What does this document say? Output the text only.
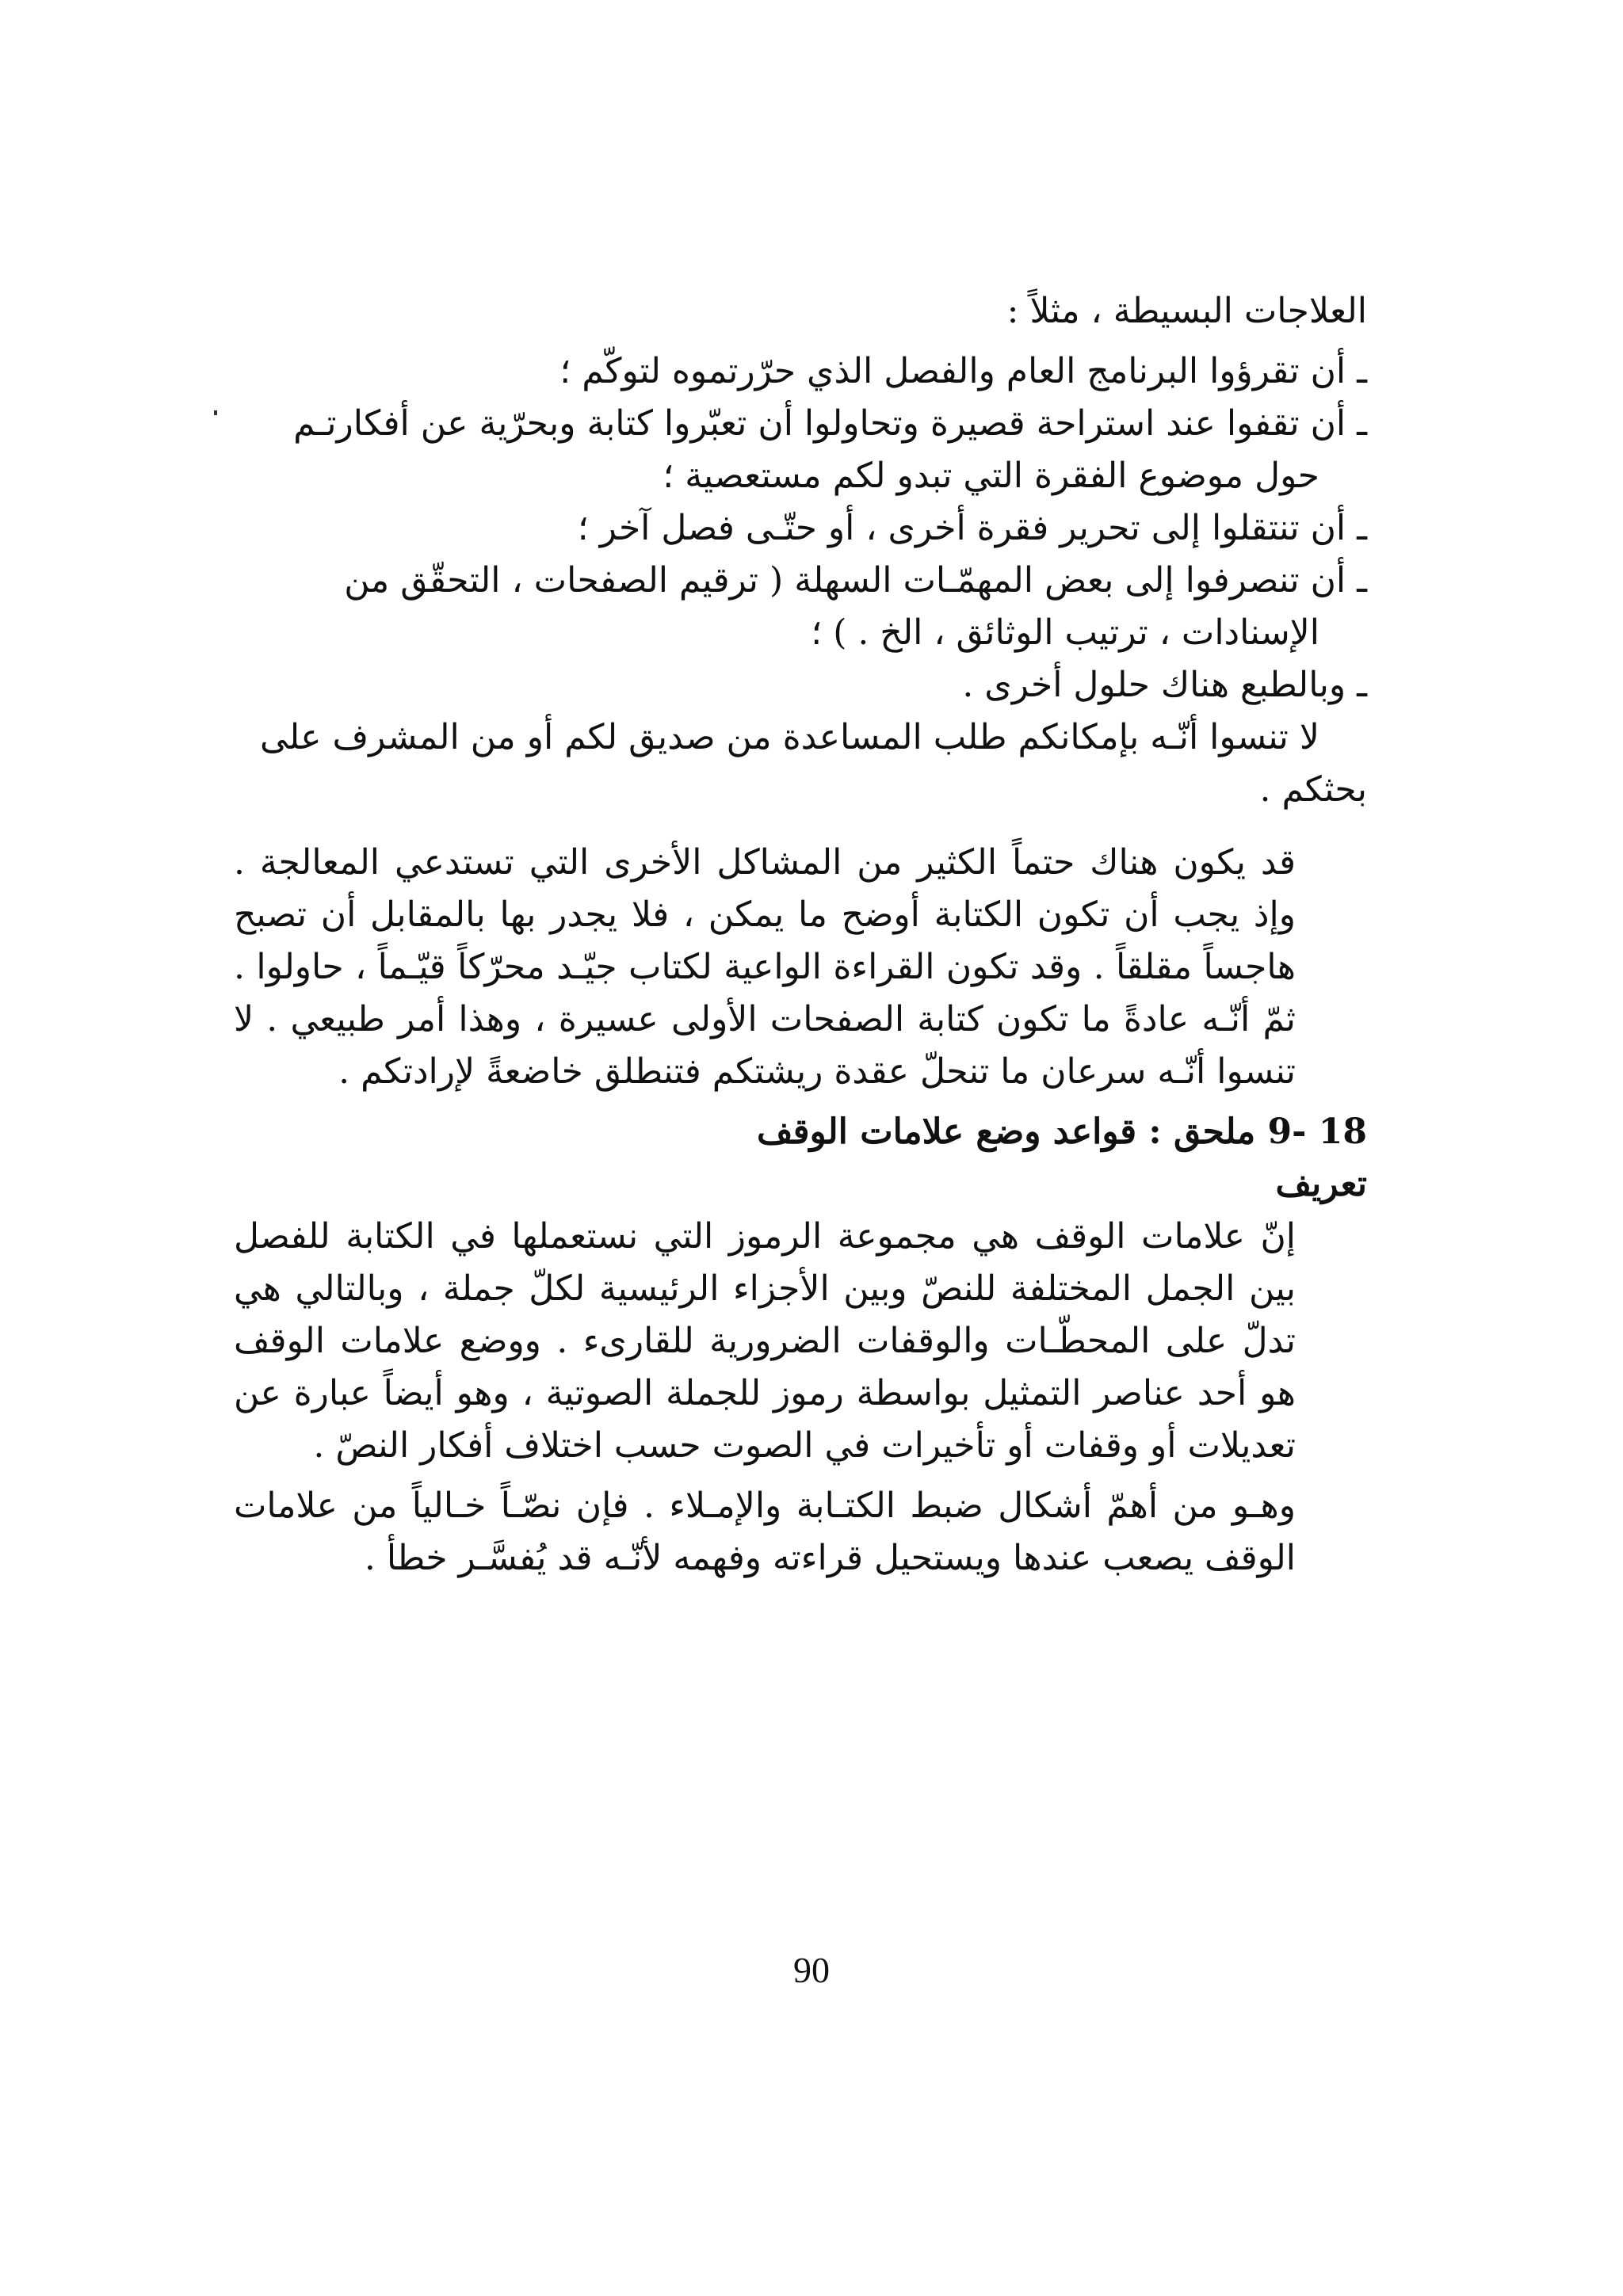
العلاجات البسيطة ، مثلاً :

ـ أن تقرؤوا البرنامج العام والفصل الذي حرّرتموه لتوكّم ؛

ـ أن تقفوا عند استراحة قصيرة وتحاولوا أن تعبّروا كتابة وبحرّية عن أفكارتـم

حول موضوع الفقرة التي تبدو لكم مستعصية ؛

ـ أن تنتقلوا إلى تحرير فقرة أخرى ، أو حتّـى فصل آخر ؛

ـ أن تنصرفوا إلى بعض المهمّـات السهلة ( ترقيم الصفحات ، التحقّق من

الإسنادات ، ترتيب الوثائق ، الخ . ) ؛

ـ وبالطبع هناك حلول أخرى .

لا تنسوا أنّـه بإمكانكم طلب المساعدة من صديق لكم أو من المشرف على

بحثكم .

قد يكون هناك حتماً الكثير من المشاكل الأخرى التي تستدعي المعالجة . وإذ يجب أن تكون الكتابة أوضح ما يمكن ، فلا يجدر بها بالمقابل أن تصبح هاجساً مقلقاً . وقد تكون القراءة الواعية لكتاب جيّـد محرّكاً قيّـماً ، حاولوا . ثمّ أنّـه عادةً ما تكون كتابة الصفحات الأولى عسيرة ، وهذا أمر طبيعي . لا تنسوا أنّـه سرعان ما تنحلّ عقدة ريشتكم فتنطلق خاضعةً لإرادتكم .

18 -9 ملحق : قواعد وضع علامات الوقف

تعريف

إنّ علامات الوقف هي مجموعة الرموز التي نستعملها في الكتابة للفصل بين الجمل المختلفة للنصّ وبين الأجزاء الرئيسية لكلّ جملة ، وبالتالي هي تدلّ على المحطّـات والوقفات الضرورية للقارىء . ووضع علامات الوقف هو أحد عناصر التمثيل بواسطة رموز للجملة الصوتية ، وهو أيضاً عبارة عن تعديلات أو وقفات أو تأخيرات في الصوت حسب اختلاف أفكار النصّ .

وهـو من أهمّ أشكال ضبط الكتـابة والإمـلاء . فإن نصّـاً خـالياً من علامات الوقف يصعب عندها ويستحيل قراءته وفهمه لأنّـه قد يُفسَّـر خطأ .

90
